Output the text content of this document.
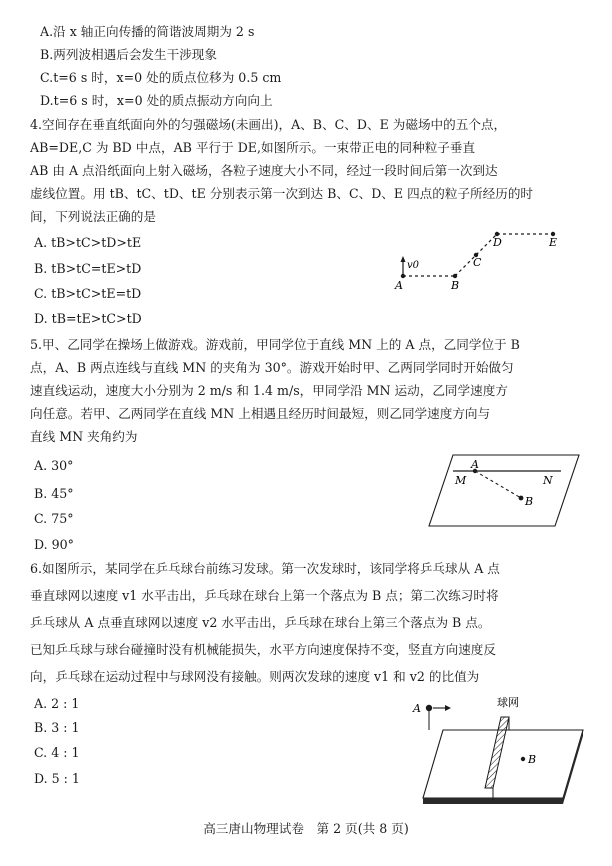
A.沿 x 轴正向传播的简谐波周期为 2 s
B.两列波相遇后会发生干涉现象
C.t=6 s 时，x=0 处的质点位移为 0.5 cm
D.t=6 s 时，x=0 处的质点振动方向向上
4.空间存在垂直纸面向外的匀强磁场(未画出)，A、B、C、D、E 为磁场中的五个点，
AB=DE,C 为 BD 中点，AB 平行于 DE,如图所示。一束带正电的同种粒子垂直
AB 由 A 点沿纸面向上射入磁场，各粒子速度大小不同，经过一段时间后第一次到达
虚线位置。用 tB、tC、tD、tE 分别表示第一次到达 B、C、D、E 四点的粒子所经历的时
间，下列说法正确的是
A. tB>tC>tD>tE
B. tB>tC=tE>tD
C. tB>tC>tE=tD
D. tB=tE>tC>tD
v0
A	B
C
D	E
5.甲、乙同学在操场上做游戏。游戏前，甲同学位于直线 MN 上的 A 点，乙同学位于 B
点，A、B 两点连线与直线 MN 的夹角为 30°。游戏开始时甲、乙两同学同时开始做匀
速直线运动，速度大小分别为 2 m/s 和 1.4 m/s，甲同学沿 MN 运动，乙同学速度方
向任意。若甲、乙两同学在直线 MN 上相遇且经历时间最短，则乙同学速度方向与
直线 MN 夹角约为
A. 30°
B. 45°
C. 75°
D. 90°
A
M	N
B
6.如图所示，某同学在乒乓球台前练习发球。第一次发球时，该同学将乒乓球从 A 点
垂直球网以速度 v1 水平击出，乒乓球在球台上第一个落点为 B 点；第二次练习时将
乒乓球从 A 点垂直球网以速度 v2 水平击出，乒乓球在球台上第三个落点为 B 点。
已知乒乓球与球台碰撞时没有机械能损失，水平方向速度保持不变，竖直方向速度反
向，乒乓球在运动过程中与球网没有接触。则两次发球的速度 v1 和 v2 的比值为
A. 2 : 1
B. 3 : 1
C. 4 : 1
D. 5 : 1
A	球网
B
高三唐山物理试卷　第 2 页(共 8 页)
